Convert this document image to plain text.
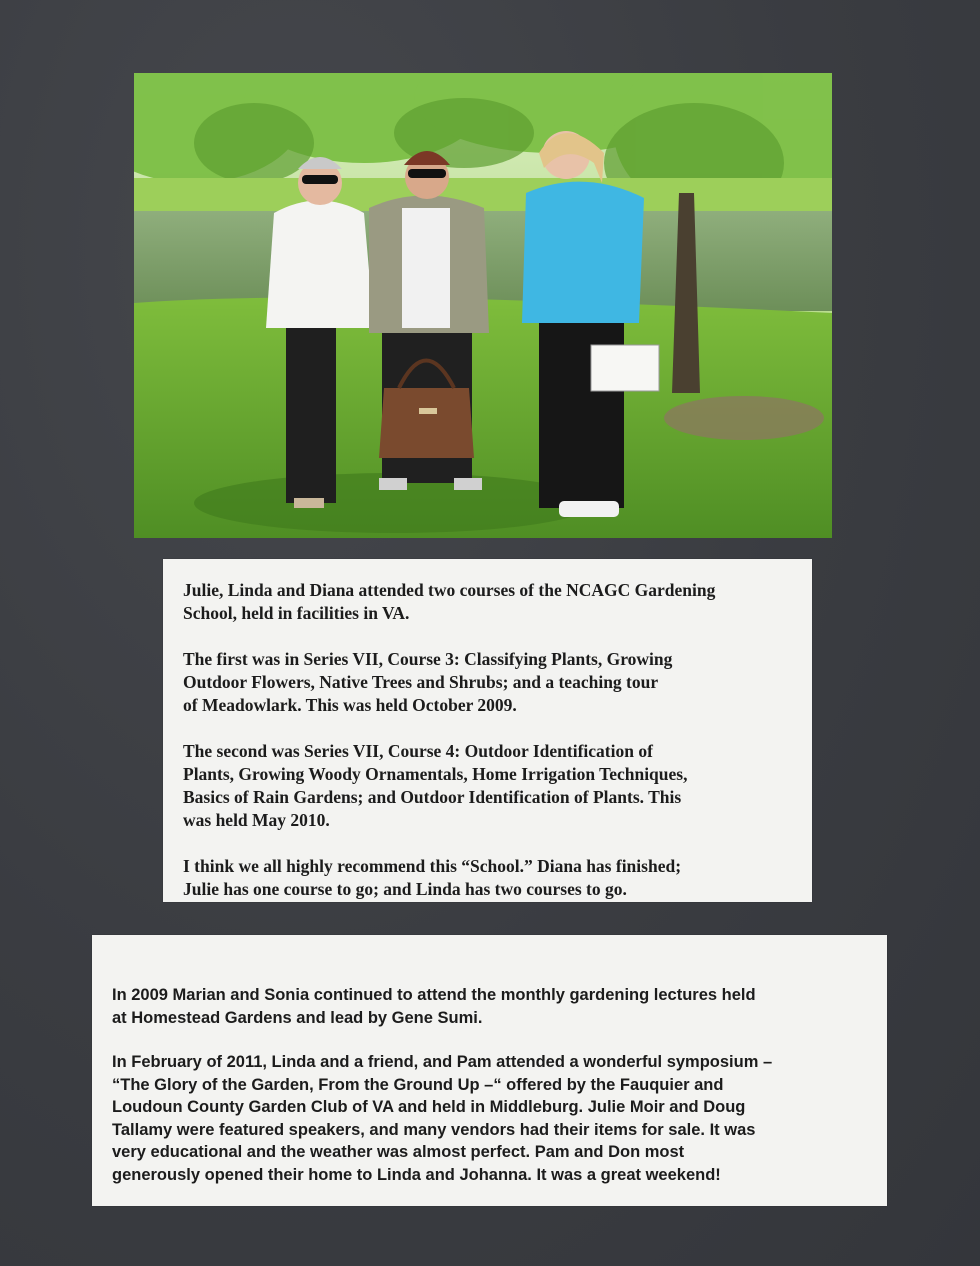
Julie, Linda and Diana attended two courses of the NCAGC Gardening
School, held in facilities in VA.

The first was in Series VII, Course 3: Classifying Plants, Growing
Outdoor Flowers, Native Trees and Shrubs; and a teaching tour
of Meadowlark. This was held October 2009.

The second was Series VII, Course 4: Outdoor Identification of
Plants, Growing Woody Ornamentals, Home Irrigation Techniques,
Basics of Rain Gardens; and Outdoor Identification of Plants. This
was held May 2010.

I think we all highly recommend this “School.” Diana has finished;
Julie has one course to go; and Linda has two courses to go.

In 2009 Marian and Sonia continued to attend the monthly gardening lectures held
at Homestead Gardens and lead by Gene Sumi.

In February of 2011, Linda and a friend, and Pam attended a wonderful symposium –
“The Glory of the Garden, From the Ground Up –“ offered by the Fauquier and
Loudoun County Garden Club of VA and held in Middleburg. Julie Moir and Doug
Tallamy were featured speakers, and many vendors had their items for sale. It was
very educational and the weather was almost perfect. Pam and Don most
generously opened their home to Linda and Johanna. It was a great weekend!
